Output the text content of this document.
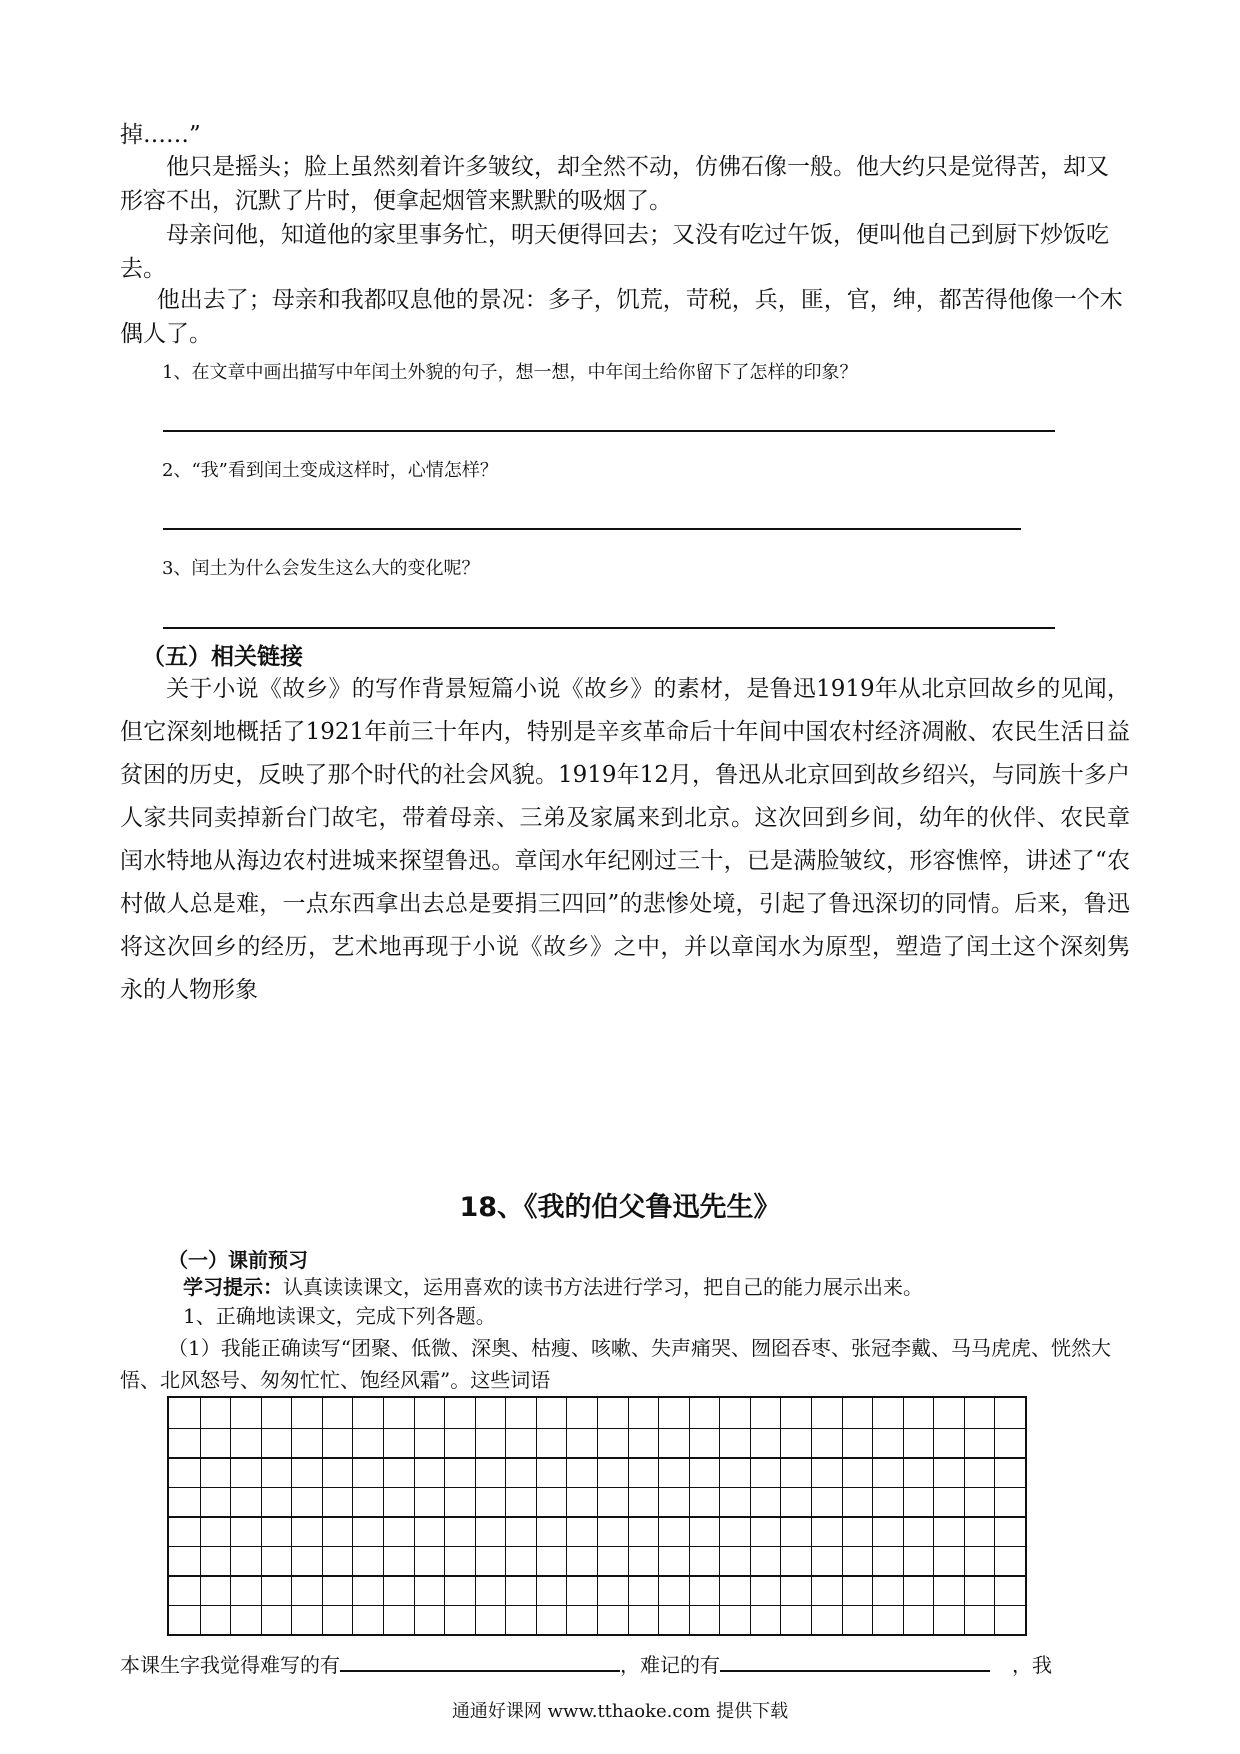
掉……”
他只是摇头；脸上虽然刻着许多皱纹，却全然不动，仿佛石像一般。他大约只是觉得苦，却又形容不出，沉默了片时，便拿起烟管来默默的吸烟了。
母亲问他，知道他的家里事务忙，明天便得回去；又没有吃过午饭，便叫他自己到厨下炒饭吃去。
他出去了；母亲和我都叹息他的景况：多子，饥荒，苛税，兵，匪，官，绅，都苦得他像一个木偶人了。
1、在文章中画出描写中年闰土外貌的句子，想一想，中年闰土给你留下了怎样的印象？
2、“我”看到闰土变成这样时，心情怎样？
3、闰土为什么会发生这么大的变化呢？
（五）相关链接
关于小说《故乡》的写作背景短篇小说《故乡》的素材，是鲁迅1919年从北京回故乡的见闻，但它深刻地概括了1921年前三十年内，特别是辛亥革命后十年间中国农村经济凋敝、农民生活日益贫困的历史，反映了那个时代的社会风貌。1919年12月，鲁迅从北京回到故乡绍兴，与同族十多户人家共同卖掉新台门故宅，带着母亲、三弟及家属来到北京。这次回到乡间，幼年的伙伴、农民章闰水特地从海边农村进城来探望鲁迅。章闰水年纪刚过三十，已是满脸皱纹，形容憔悴，讲述了“农村做人总是难，一点东西拿出去总是要捐三四回”的悲惨处境，引起了鲁迅深切的同情。后来，鲁迅将这次回乡的经历，艺术地再现于小说《故乡》之中，并以章闰水为原型，塑造了闰土这个深刻隽永的人物形象
18、《我的伯父鲁迅先生》
（一）课前预习
学习提示：认真读读课文，运用喜欢的读书方法进行学习，把自己的能力展示出来。
1、正确地读课文，完成下列各题。
（1）我能正确读写“团聚、低微、深奥、枯瘦、咳嗽、失声痛哭、囫囵吞枣、张冠李戴、马马虎虎、恍然大悟、北风怒号、匆匆忙忙、饱经风霜”。这些词语
本课生字我觉得难写的有	，难记的有	，我
通通好课网 www.tthaoke.com 提供下载
